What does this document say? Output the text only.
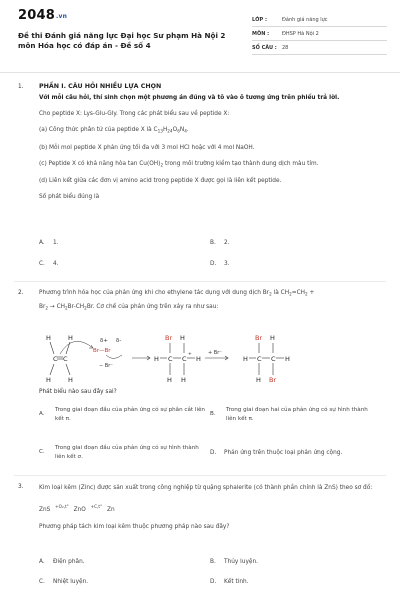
2048.vn
Đề thi Đánh giá năng lực Đại học Sư phạm Hà Nội 2 môn Hóa học có đáp án - Đề số 4
LỚP :	Đánh giá năng lực
MÔN :	ĐHSP Hà Nội 2
SỐ CÂU :	28
1.	PHẦN I. CÂU HỎI NHIỀU LỰA CHỌN
Với mỗi câu hỏi, thí sinh chọn một phương án đúng và tô vào ô tương ứng trên phiếu trả lời.
Cho peptide X: Lys-Glu-Gly. Trong các phát biểu sau về peptide X:
(a) Công thức phân tử của peptide X là $C_{13}H_{24}O_6N_4$.
(b) Mỗi mol peptide X phản ứng tối đa với 3 mol HCl hoặc với 4 mol NaOH.
(c) Peptide X có khả năng hòa $\tan Cu(OH)_2$ trong môi trường kiềm tạo thành dung dịch màu tím.
(d) Liên kết giữa các đơn vị amino acid trong peptide X được gọi là liên kết peptide.
Số phát biểu đúng là
A. 1.	B. 2.
C. 4.	D. 3.
2.	Phương trình hóa học của phản ứng khi cho ethylene tác dụng với dung dịch $Br_2$ là $CH_2=CH_2$ +
$Br_2 \to CH_2Br-CH_2Br$. Cơ chế của phản ứng trên xảy ra như sau:
H	H
H	H
C C
δ+ δ-
Br—Br
− Br⁻
Br H
H C C H
H H
+	+ Br⁻
Br H
H C C H
H Br
Phát biểu nào sau đây sai?
A.
Trong giai đoạn đầu của phản ứng có sự phân cắt liên kết π.
B.
Trong giai đoạn hai của phản ứng có sự hình thành liên kết π.
C.
Trong giai đoạn đầu của phản ứng có sự hình thành liên kết σ.
D. Phản ứng trên thuộc loại phản ứng cộng.
3.	Kim loại kẽm (Zinc) được sản xuất trong công nghiệp từ quặng sphalerite (có thành phần chính là ZnS) theo sơ đồ:
ZnS $^{+O_2,t^\circ}$ ZnO $^{+C,t^\circ}$ Zn
Phương pháp tách kim loại kẽm thuộc phương pháp nào sau đây?
A. Điện phân.	B. Thủy luyện.
C. Nhiệt luyện.	D. Kết tinh.
